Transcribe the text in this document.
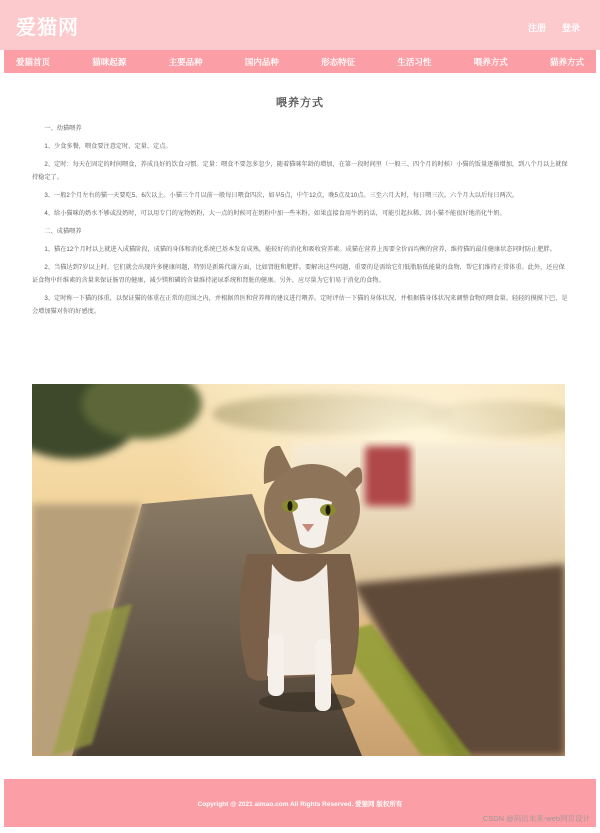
爱猫网	注册 登录
爱猫首页	猫咪起源	主要品种	国内品种	形态特征	生活习性	喂养方式	猫养方式
喂养方式
一、幼猫喂养

1、少食多餐，喂食要注意定时、定量、定点。

2、定时：每天在固定的时间喂食，养成良好的饮食习惯。定量：喂食不要忽多忽少，随着猫咪年龄的增加，在第一段时间里（一般三、四个月的时候）小猫的饭量逐渐增加，到八个月以上就保持稳定了。

3、一般2个月左右的猫一天要吃5、6次以上。小猫三个月以前一般每日喂食四次，如早5点，中午12点，晚5点及10点。三至六月大时，每日喂三次。六个月大以后每日两次。

4、给小猫咪的奶水不够或没奶时，可以用专门的宠物奶粉，大一点的时候可在奶粉中加一些米粉。如果直接食用牛奶的话，可能引起拉稀，因小猫不能很好地消化牛奶。

二、成猫喂养

1、猫在12个月时以上就进入成猫阶段，成猫的身体和消化系统已基本发育成熟，能较好的消化和吸收营养素。成猫在营养上需要全价而均衡的营养，维持猫的最佳健康状态同时防止肥胖。

2、当猫达到7岁以上时，它们就会出现许多健康问题，特别是新陈代谢方面，比如肾脏和肥胖。要解决这些问题，重要的是需给它们低脂肪低能量的食物，帮它们维持正常体重。此外，还应保证食物中纤维素的含量来保证肠胃的健康，减少镁和磷的含量维持泌尿系统和肾脏的健康。另外，应尽量为它们易于消化的食物。

3、定时称一下猫的体重，以保证猫的体重在正常的范围之内，并根据兽医和营养师的建议进行喂养。定时评估一下猫的身体状况，并根据猫身体状况来调整食物的喂食量。轻轻的摸摸下巴，是会增加猫对你的好感度。

Copyright @ 2021 aimao.com All Rights Reserved. 爱猫网 版权所有
CSDN @码出未来-web网页设计
